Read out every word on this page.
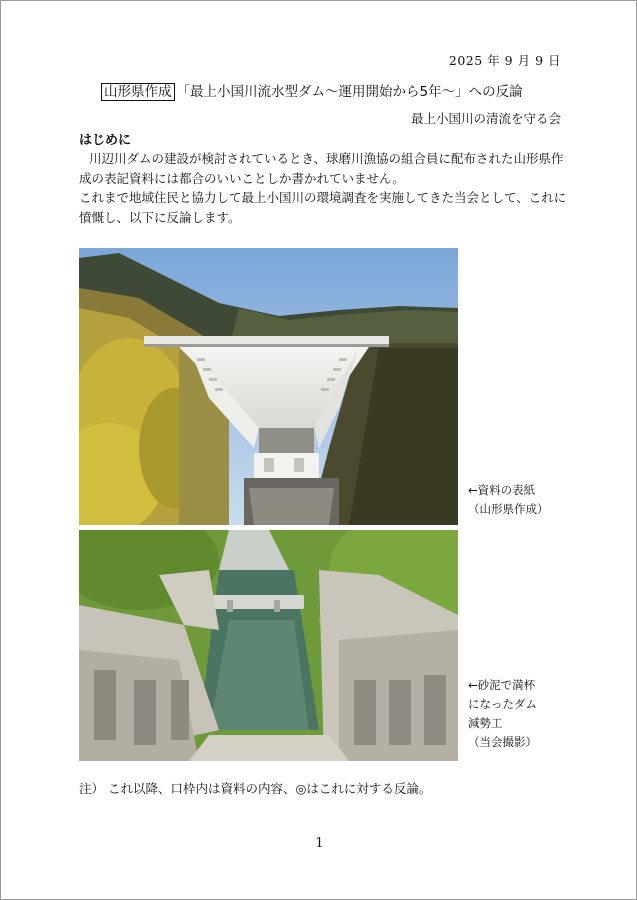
2025 年 9 月 9 日
山形県作成 「最上小国川流水型ダム～運用開始から5年～」への反論
最上小国川の清流を守る会
はじめに
川辺川ダムの建設が検討されているとき、球磨川漁協の組合員に配布された山形県作成の表記資料には都合のいいことしか書かれていません。
これまで地域住民と協力して最上小国川の環境調査を実施してきた当会として、これに憤慨し、以下に反論します。
←資料の表紙
（山形県作成）
←砂泥で満杯
になったダム
減勢工
（当会撮影）
注） これ以降、口枠内は資料の内容、◎はこれに対する反論。
1
